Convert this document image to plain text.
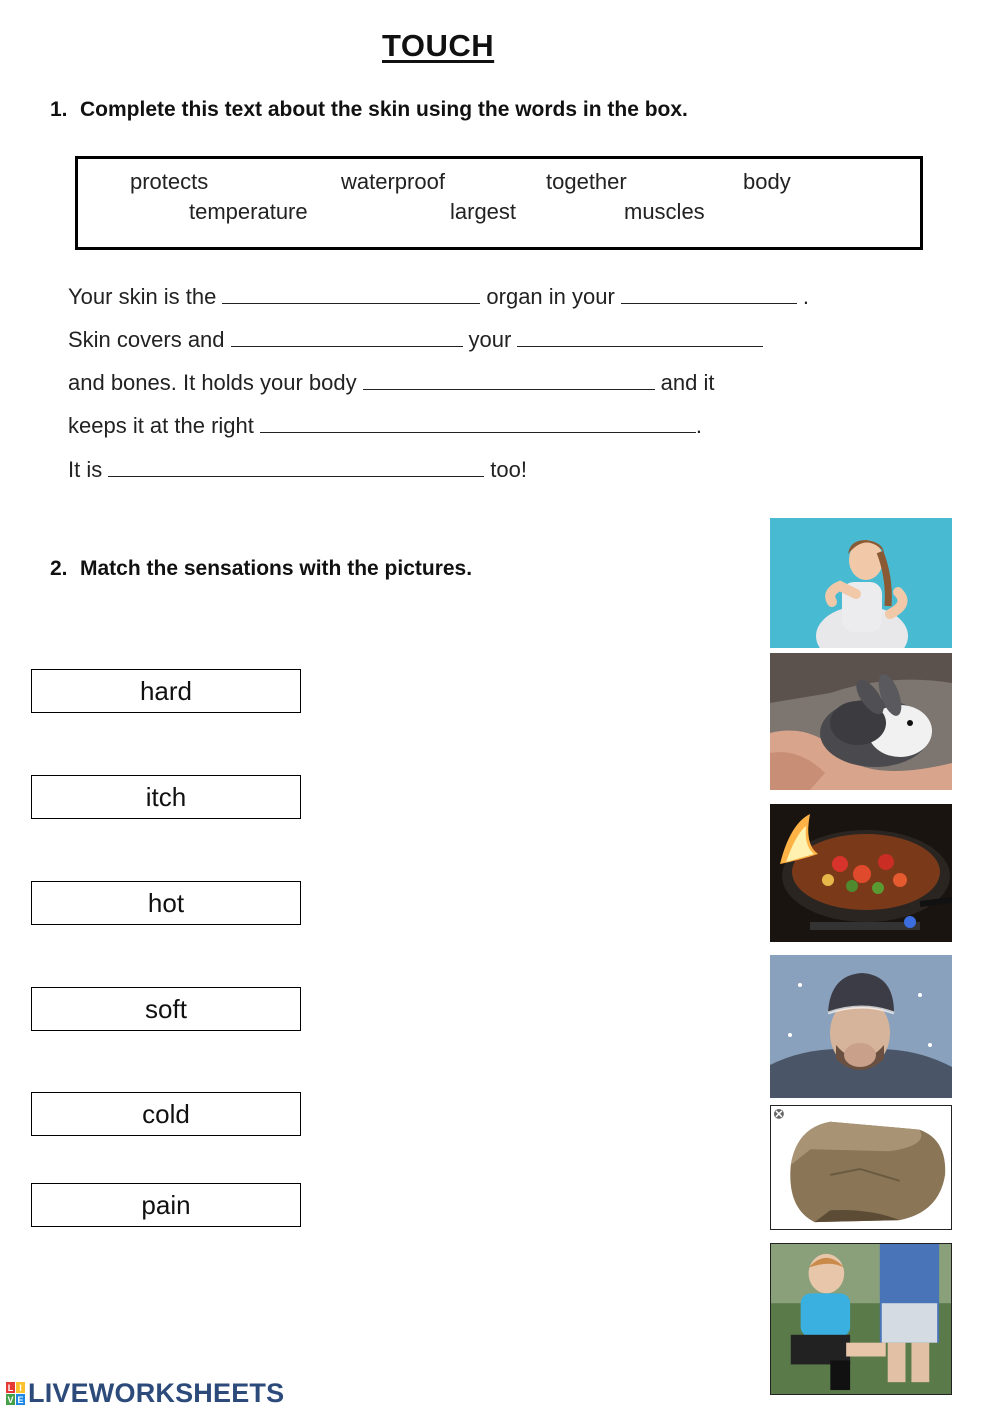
TOUCH
1. Complete this text about the skin using the words in the box.
protects	waterproof	together	body
temperature	largest	muscles
Your skin is the	organ in your	.
Skin covers and	your
and bones. It holds your body	and it
keeps it at the right	.
It is	too!
2. Match the sensations with the pictures.
hard
itch
hot
soft
cold
pain
L I
V E LIVEWORKSHEETS
